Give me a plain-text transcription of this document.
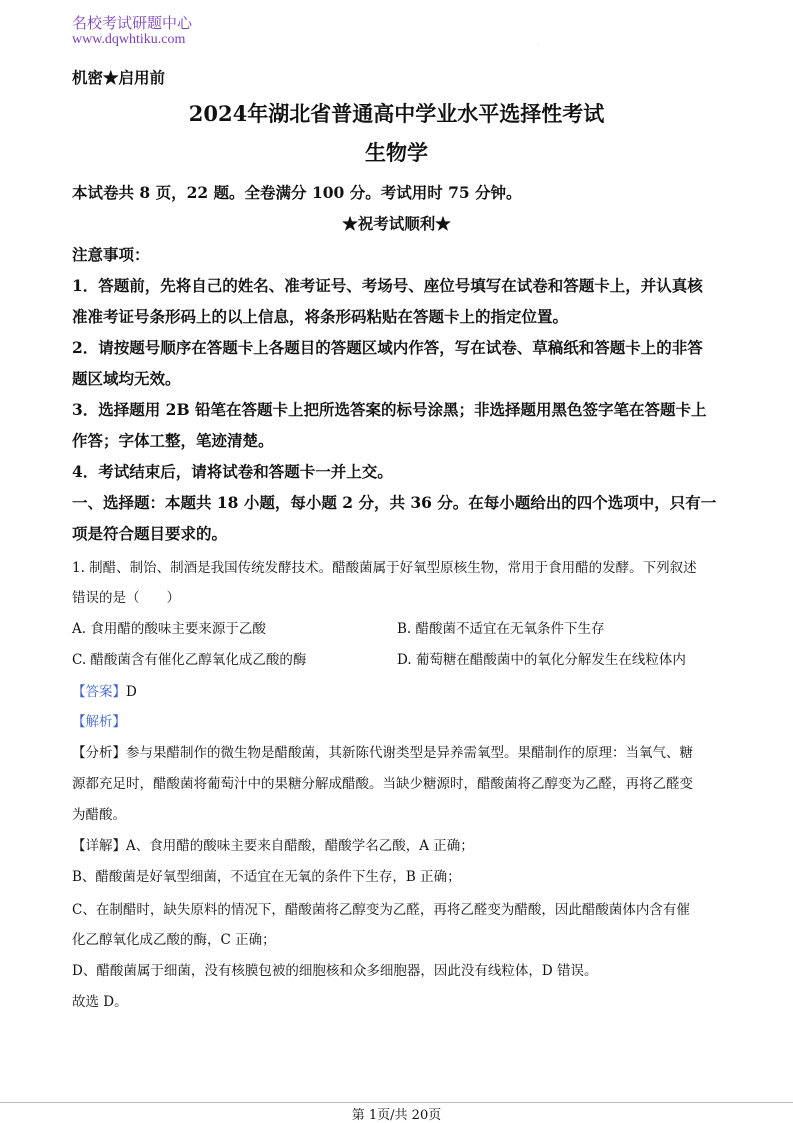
名校考试研题中心
www.dqwhtiku.com	.
机密★启用前
2024年湖北省普通高中学业水平选择性考试
生物学
本试卷共 8 页，22 题。全卷满分 100 分。考试用时 75 分钟。
★祝考试顺利★
注意事项：
1．答题前，先将自己的姓名、准考证号、考场号、座位号填写在试卷和答题卡上，并认真核
准准考证号条形码上的以上信息，将条形码粘贴在答题卡上的指定位置。
2．请按题号顺序在答题卡上各题目的答题区域内作答，写在试卷、草稿纸和答题卡上的非答
题区域均无效。
3．选择题用 2B 铅笔在答题卡上把所选答案的标号涂黑；非选择题用黑色签字笔在答题卡上
作答；字体工整，笔迹清楚。
4．考试结束后，请将试卷和答题卡一并上交。
一、选择题：本题共 18 小题，每小题 2 分，共 36 分。在每小题给出的四个选项中，只有一
项是符合题目要求的。
1. 制醋、制饴、制酒是我国传统发酵技术。醋酸菌属于好氧型原核生物，常用于食用醋的发酵。下列叙述
错误的是（　　）
A. 食用醋的酸味主要来源于乙酸	B. 醋酸菌不适宜在无氧条件下生存
C. 醋酸菌含有催化乙醇氧化成乙酸的酶	D. 葡萄糖在醋酸菌中的氧化分解发生在线粒体内
【答案】D
【解析】
【分析】参与果醋制作的微生物是醋酸菌，其新陈代谢类型是异养需氧型。果醋制作的原理：当氧气、糖
源都充足时，醋酸菌将葡萄汁中的果糖分解成醋酸。当缺少糖源时，醋酸菌将乙醇变为乙醛，再将乙醛变
为醋酸。
【详解】A、食用醋的酸味主要来自醋酸，醋酸学名乙酸，A 正确；
B、醋酸菌是好氧型细菌，不适宜在无氧的条件下生存，B 正确；
C、在制醋时，缺失原料的情况下，醋酸菌将乙醇变为乙醛，再将乙醛变为醋酸，因此醋酸菌体内含有催
化乙醇氧化成乙酸的酶，C 正确；
D、醋酸菌属于细菌，没有核膜包被的细胞核和众多细胞器，因此没有线粒体，D 错误。
故选 D。
第 1页/共 20页
